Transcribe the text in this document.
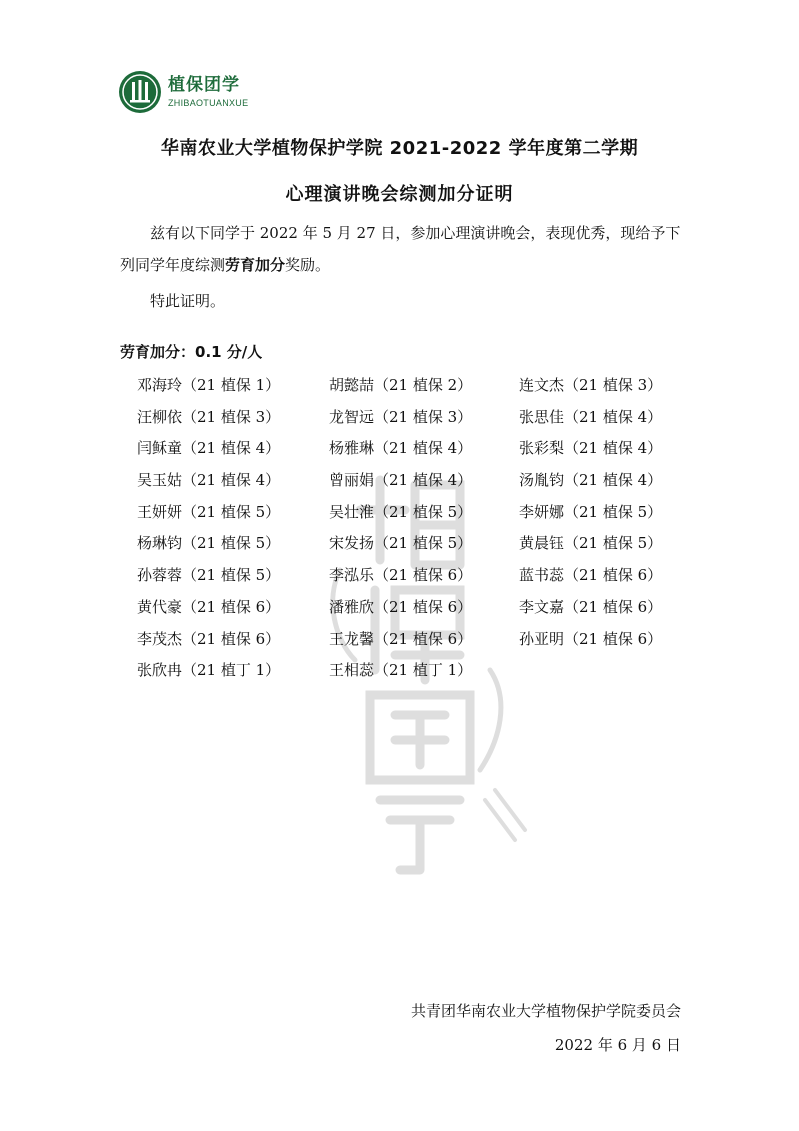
植保团学
ZHIBAOTUANXUE
华南农业大学植物保护学院 2021-2022 学年度第二学期
心理演讲晚会综测加分证明
兹有以下同学于 2022 年 5 月 27 日，参加心理演讲晚会，表现优秀，现给予下列同学年度综测劳育加分奖励。
特此证明。
劳育加分：0.1 分/人
邓海玲（21 植保 1）	胡懿喆（21 植保 2）	连文杰（21 植保 3）
汪柳依（21 植保 3）	龙智远（21 植保 3）	张思佳（21 植保 4）
闫稣童（21 植保 4）	杨雅琳（21 植保 4）	张彩梨（21 植保 4）
吴玉姑（21 植保 4）	曾丽娟（21 植保 4）	汤胤钧（21 植保 4）
王妍妍（21 植保 5）	吴壮淮（21 植保 5）	李妍娜（21 植保 5）
杨琳钧（21 植保 5）	宋发扬（21 植保 5）	黄晨钰（21 植保 5）
孙蓉蓉（21 植保 5）	李泓乐（21 植保 6）	蓝书蕊（21 植保 6）
黄代豪（21 植保 6）	潘雅欣（21 植保 6）	李文嘉（21 植保 6）
李茂杰（21 植保 6）	王龙馨（21 植保 6）	孙亚明（21 植保 6）
张欣冉（21 植丁 1）	王相蕊（21 植丁 1）
共青团华南农业大学植物保护学院委员会
2022 年 6 月 6 日
